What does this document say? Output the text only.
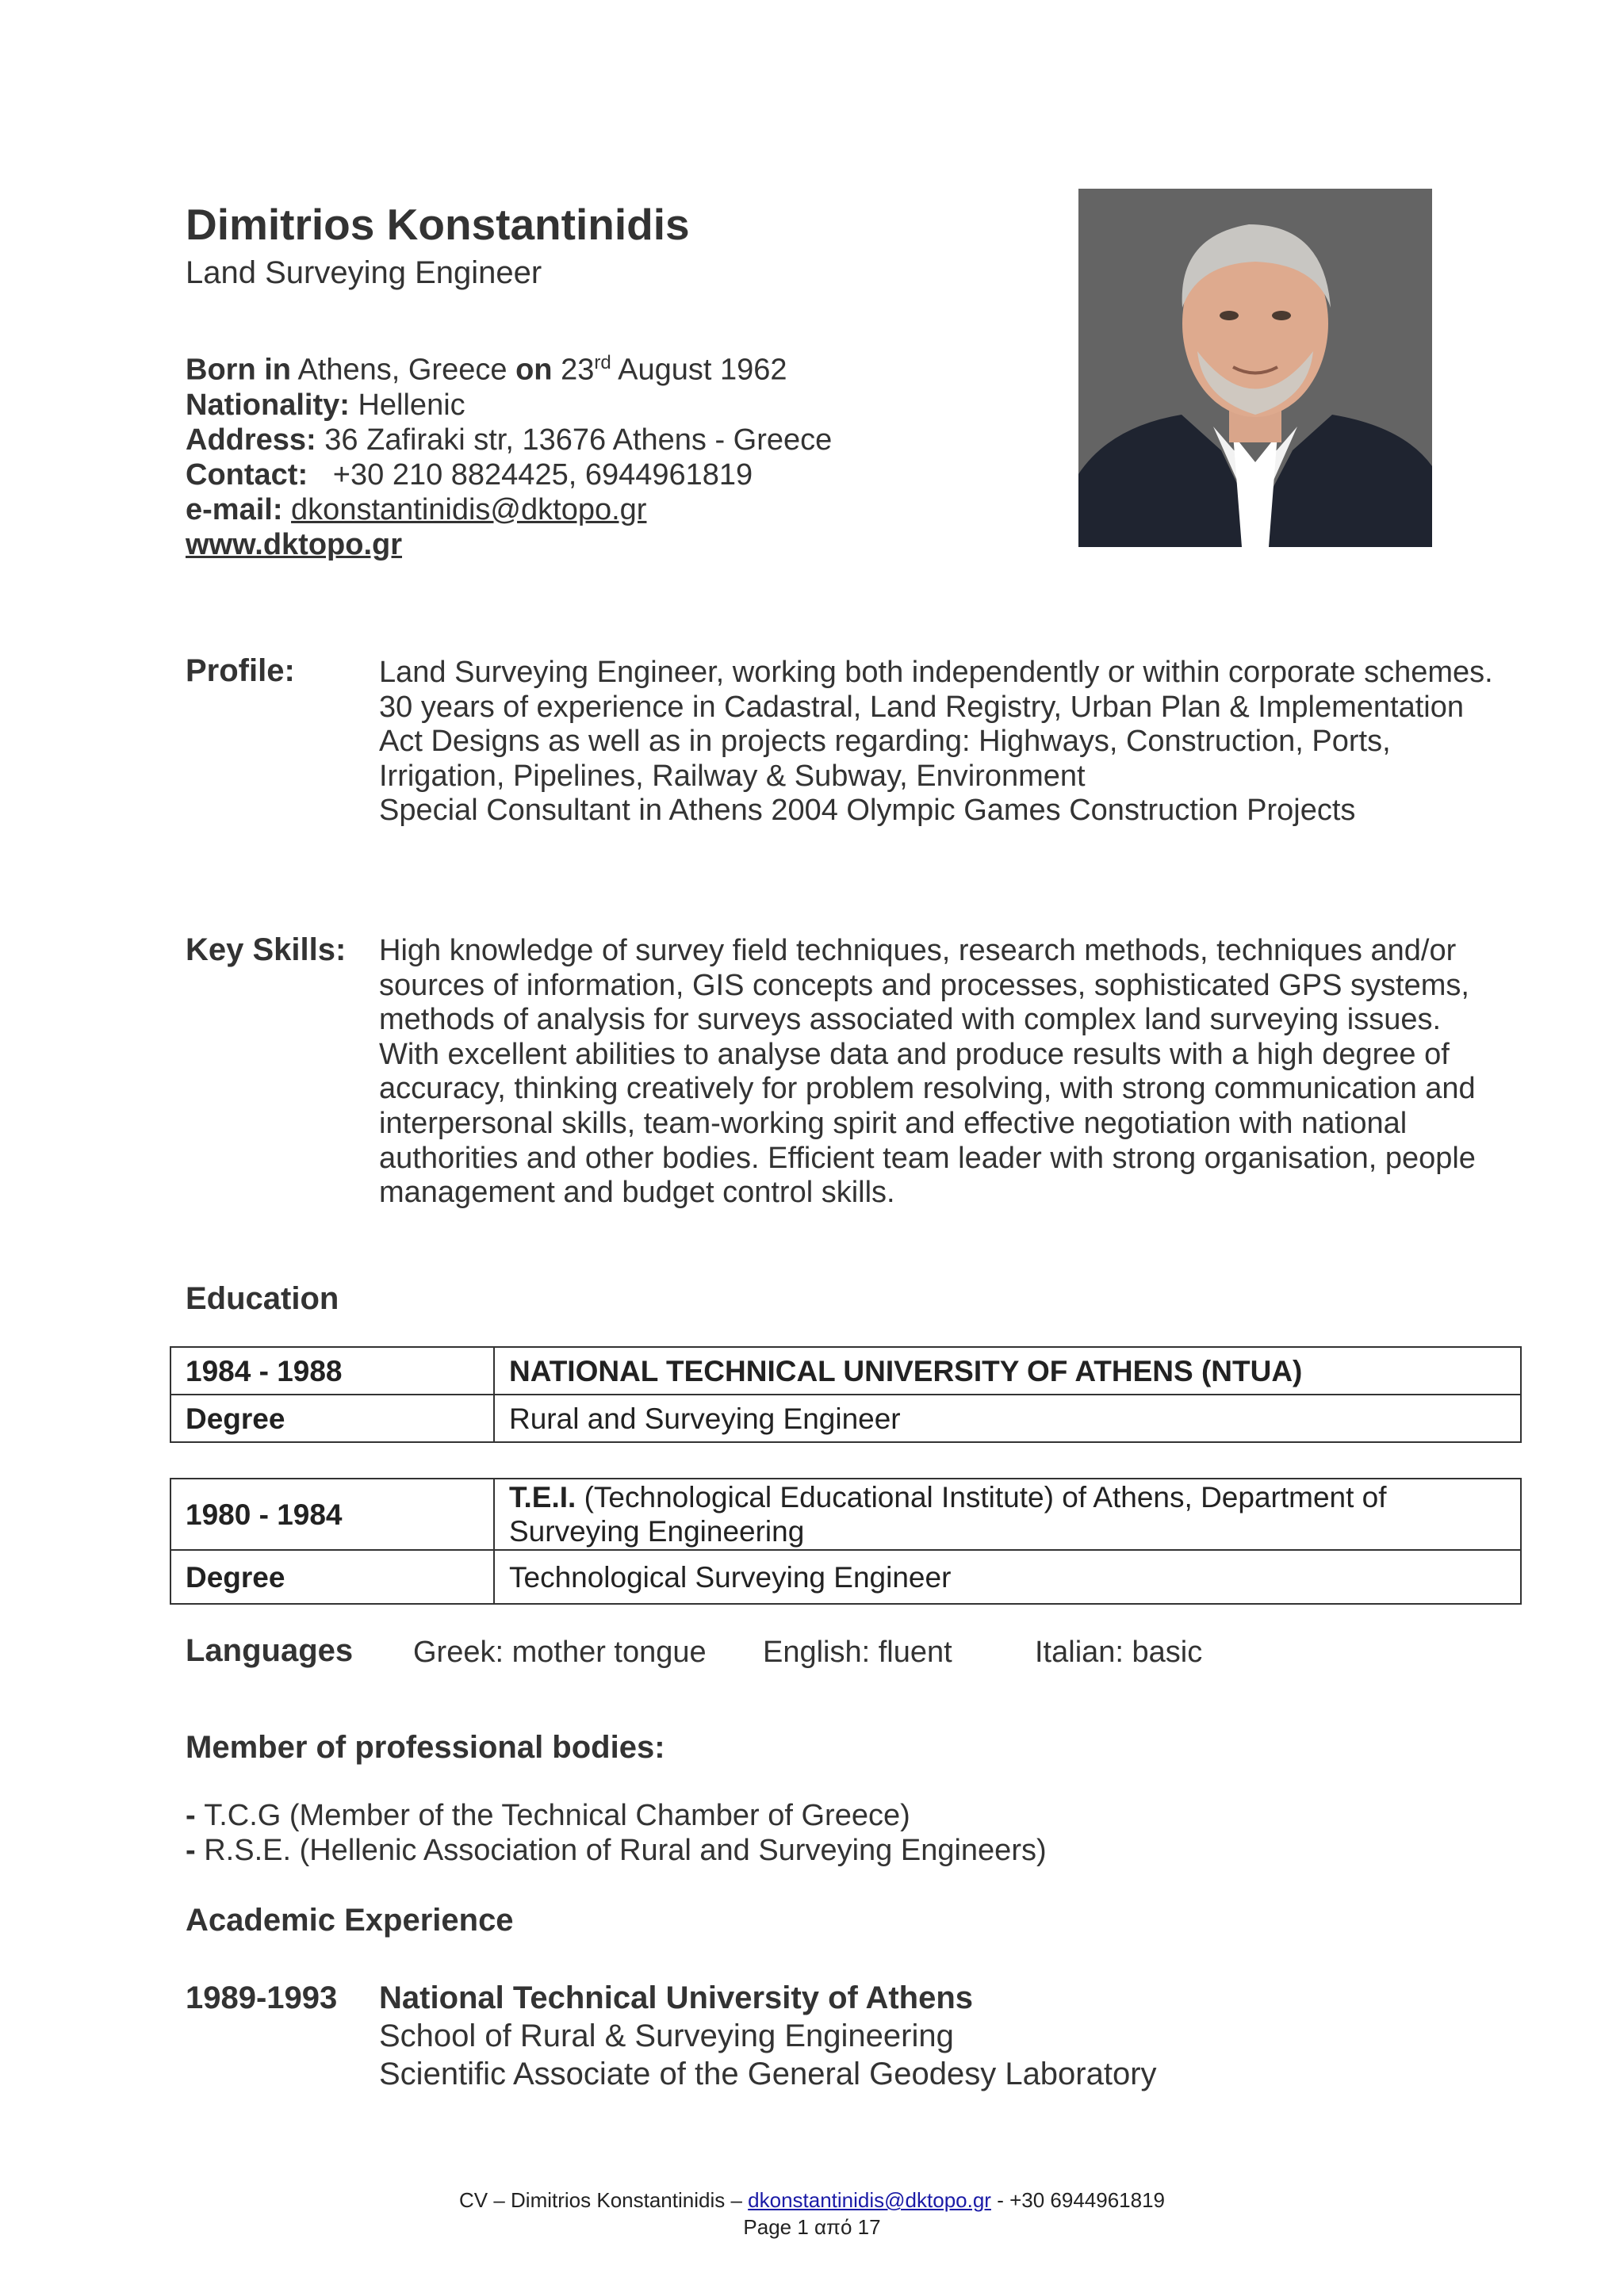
Dimitrios Konstantinidis
Land Surveying Engineer
Born in Athens, Greece on 23rd August 1962
Nationality: Hellenic
Address: 36 Zafiraki str, 13676 Athens - Greece
Contact: +30 210 8824425, 6944961819
e-mail: dkonstantinidis@dktopo.gr
www.dktopo.gr
Profile:	Land Surveying Engineer, working both independently or within corporate schemes.
30 years of experience in Cadastral, Land Registry, Urban Plan & Implementation Act Designs as well as in projects regarding: Highways, Construction, Ports, Irrigation, Pipelines, Railway & Subway, Environment
Special Consultant in Athens 2004 Olympic Games Construction Projects
Key Skills: High knowledge of survey field techniques, research methods, techniques and/or sources of information, GIS concepts and processes, sophisticated GPS systems, methods of analysis for surveys associated with complex land surveying issues. With excellent abilities to analyse data and produce results with a high degree of accuracy, thinking creatively for problem resolving, with strong communication and interpersonal skills, team-working spirit and effective negotiation with national authorities and other bodies. Efficient team leader with strong organisation, people management and budget control skills.
Education
1984 - 1988	NATIONAL TECHNICAL UNIVERSITY OF ATHENS (NTUA)
Degree	Rural and Surveying Engineer
1980 - 1984	T.E.I. (Technological Educational Institute) of Athens, Department of Surveying Engineering
Degree	Technological Surveying Engineer
Languages Greek: mother tongue English: fluent	Italian: basic
Member of professional bodies:
- T.C.G (Member of the Technical Chamber of Greece)
- R.S.E. (Hellenic Association of Rural and Surveying Engineers)
Academic Experience
1989-1993 National Technical University of Athens
School of Rural & Surveying Engineering
Scientific Associate of the General Geodesy Laboratory
CV – Dimitrios Konstantinidis – dkonstantinidis@dktopo.gr - +30 6944961819
Page 1 από 17
